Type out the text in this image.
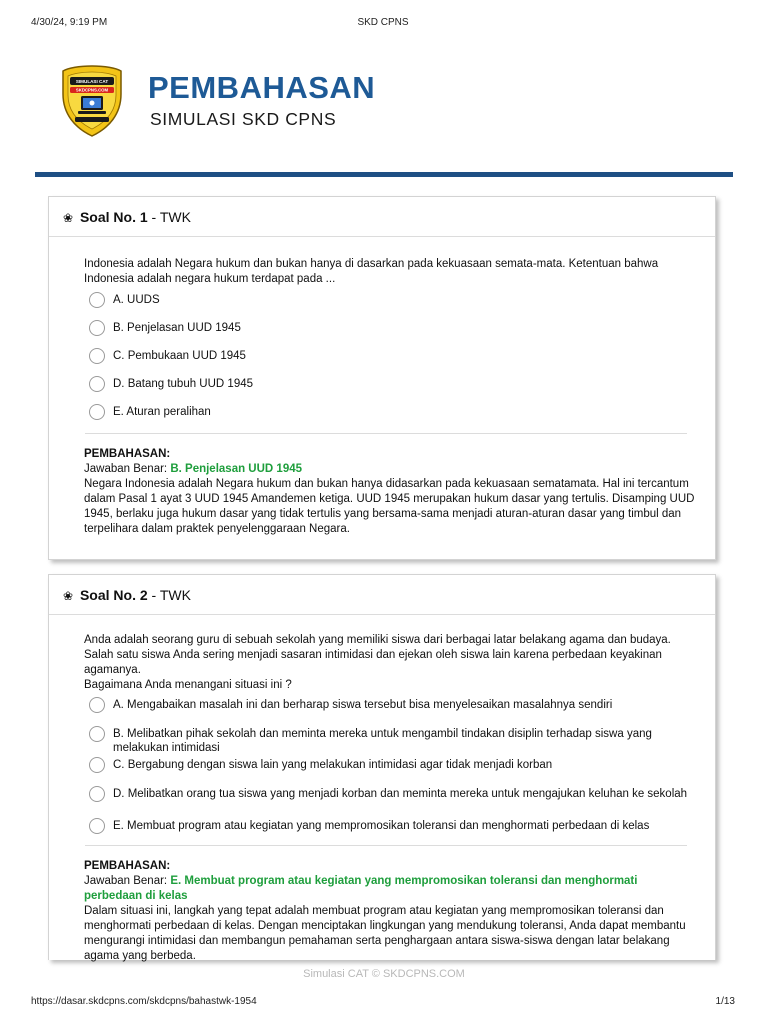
4/30/24, 9:19 PM	SKD CPNS
SIMULASI CAT
SKDCPNS.COM PEMBAHASAN
SIMULASI SKD CPNS
❀ Soal No. 1 - TWK
Indonesia adalah Negara hukum dan bukan hanya di dasarkan pada kekuasaan semata-mata. Ketentuan bahwa Indonesia adalah negara hukum terdapat pada ...
A. UUDS
B. Penjelasan UUD 1945
C. Pembukaan UUD 1945
D. Batang tubuh UUD 1945
E. Aturan peralihan
PEMBAHASAN:
Jawaban Benar: B. Penjelasan UUD 1945
Negara Indonesia adalah Negara hukum dan bukan hanya didasarkan pada kekuasaan sematamata. Hal ini tercantum dalam Pasal 1 ayat 3 UUD 1945 Amandemen ketiga. UUD 1945 merupakan hukum dasar yang tertulis. Disamping UUD 1945, berlaku juga hukum dasar yang tidak tertulis yang bersama-sama menjadi aturan-aturan dasar yang timbul dan terpelihara dalam praktek penyelenggaraan Negara.
❀ Soal No. 2 - TWK
Anda adalah seorang guru di sebuah sekolah yang memiliki siswa dari berbagai latar belakang agama dan budaya. Salah satu siswa Anda sering menjadi sasaran intimidasi dan ejekan oleh siswa lain karena perbedaan keyakinan agamanya.
Bagaimana Anda menangani situasi ini ?
A. Mengabaikan masalah ini dan berharap siswa tersebut bisa menyelesaikan masalahnya sendiri
B. Melibatkan pihak sekolah dan meminta mereka untuk mengambil tindakan disiplin terhadap siswa yang melakukan intimidasi
C. Bergabung dengan siswa lain yang melakukan intimidasi agar tidak menjadi korban
D. Melibatkan orang tua siswa yang menjadi korban dan meminta mereka untuk mengajukan keluhan ke sekolah
E. Membuat program atau kegiatan yang mempromosikan toleransi dan menghormati perbedaan di kelas
PEMBAHASAN:
Jawaban Benar: E. Membuat program atau kegiatan yang mempromosikan toleransi dan menghormati perbedaan di kelas
Dalam situasi ini, langkah yang tepat adalah membuat program atau kegiatan yang mempromosikan toleransi dan menghormati perbedaan di kelas. Dengan menciptakan lingkungan yang mendukung toleransi, Anda dapat membantu mengurangi intimidasi dan membangun pemahaman serta penghargaan antara siswa-siswa dengan latar belakang agama yang berbeda.
Simulasi CAT © SKDCPNS.COM
https://dasar.skdcpns.com/skdcpns/bahastwk-1954	1/13
